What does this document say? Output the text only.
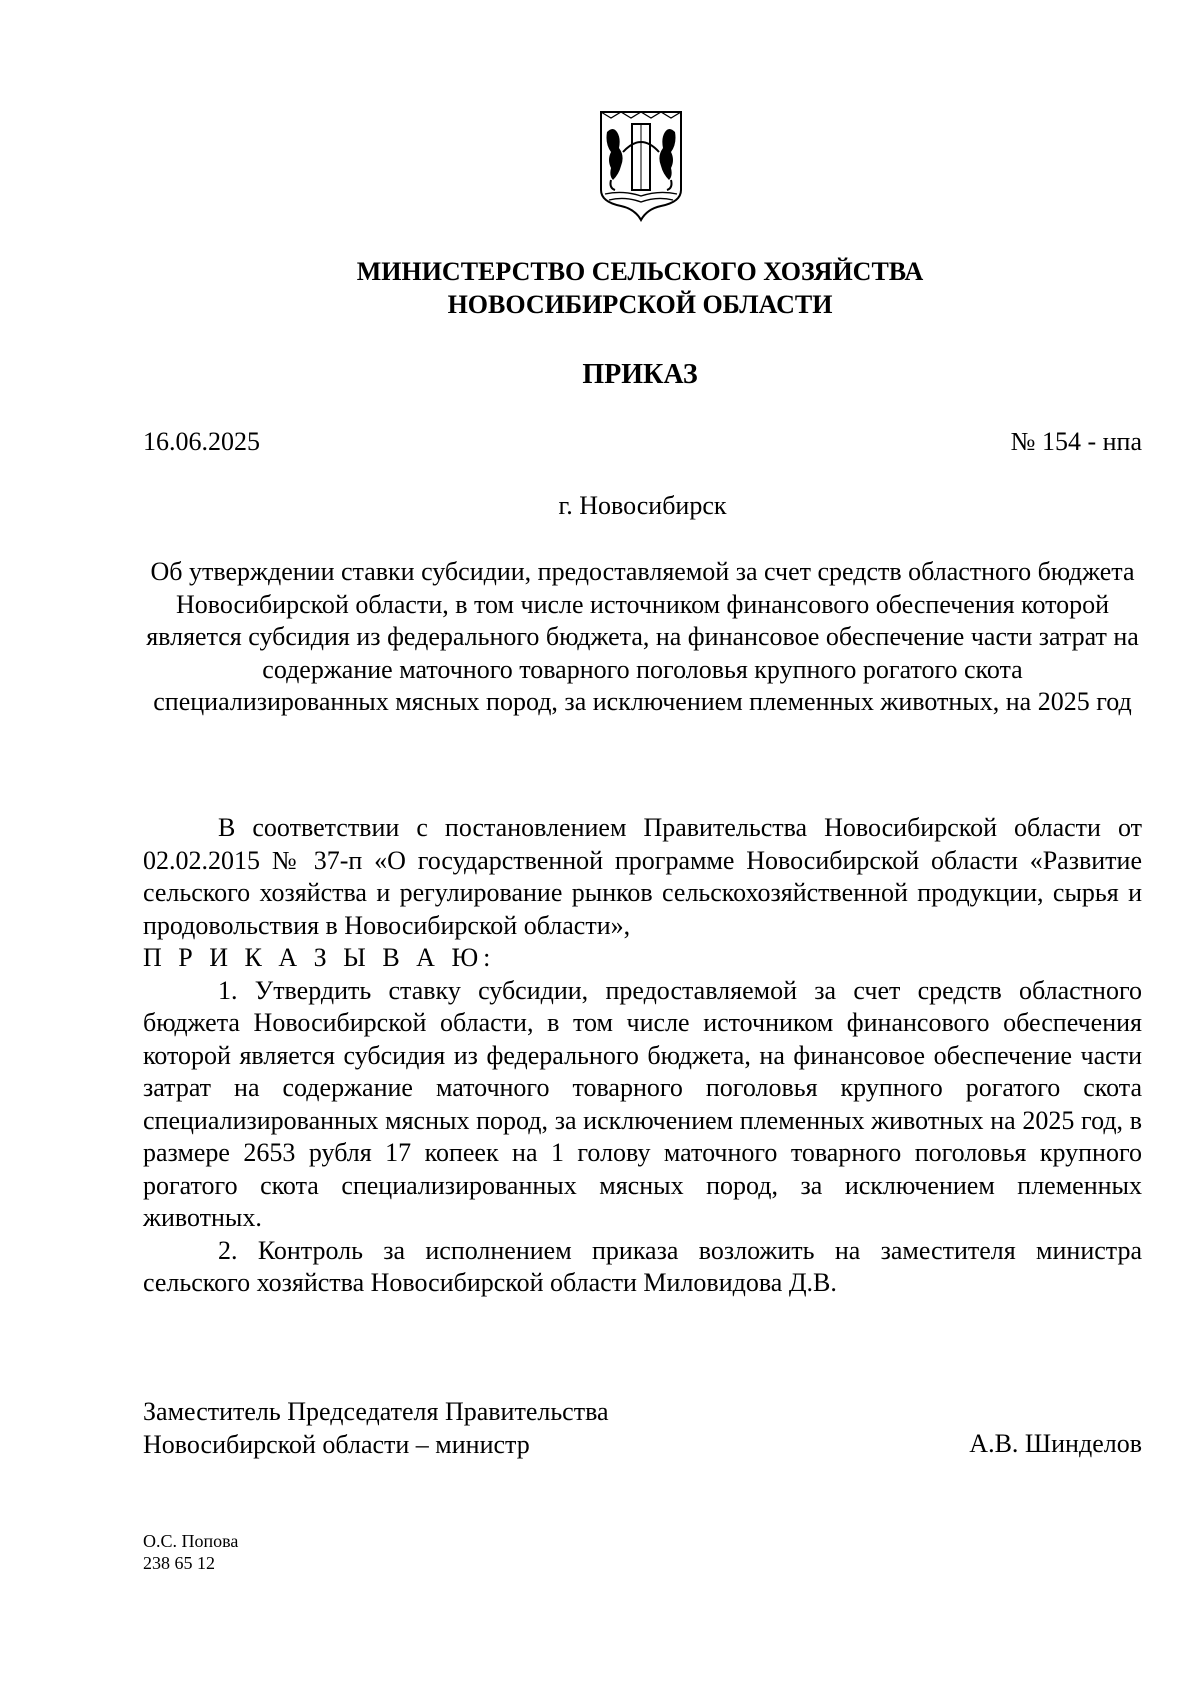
МИНИСТЕРСТВО СЕЛЬСКОГО ХОЗЯЙСТВА
НОВОСИБИРСКОЙ ОБЛАСТИ
ПРИКАЗ
16.06.2025	№ 154 - нпа
г. Новосибирск
Об утверждении ставки субсидии, предоставляемой за счет средств областного бюджета Новосибирской области, в том числе источником финансового обеспечения которой является субсидия из федерального бюджета, на финансовое обеспечение части затрат на содержание маточного товарного поголовья крупного рогатого скота специализированных мясных пород, за исключением племенных животных, на 2025 год

В соответствии с постановлением Правительства Новосибирской области от 02.02.2015 № 37-п «О государственной программе Новосибирской области «Развитие сельского хозяйства и регулирование рынков сельскохозяйственной продукции, сырья и продовольствия в Новосибирской области»,

П Р И К А З Ы В А Ю:

1. Утвердить ставку субсидии, предоставляемой за счет средств областного бюджета Новосибирской области, в том числе источником финансового обеспечения которой является субсидия из федерального бюджета, на финансовое обеспечение части затрат на содержание маточного товарного поголовья крупного рогатого скота специализированных мясных пород, за исключением племенных животных на 2025 год, в размере 2653 рубля 17 копеек на 1 голову маточного товарного поголовья крупного рогатого скота специализированных мясных пород, за исключением племенных животных.

2. Контроль за исполнением приказа возложить на заместителя министра сельского хозяйства Новосибирской области Миловидова Д.В.

Заместитель Председателя Правительства
Новосибирской области – министр	А.В. Шинделов
О.С. Попова
238 65 12
